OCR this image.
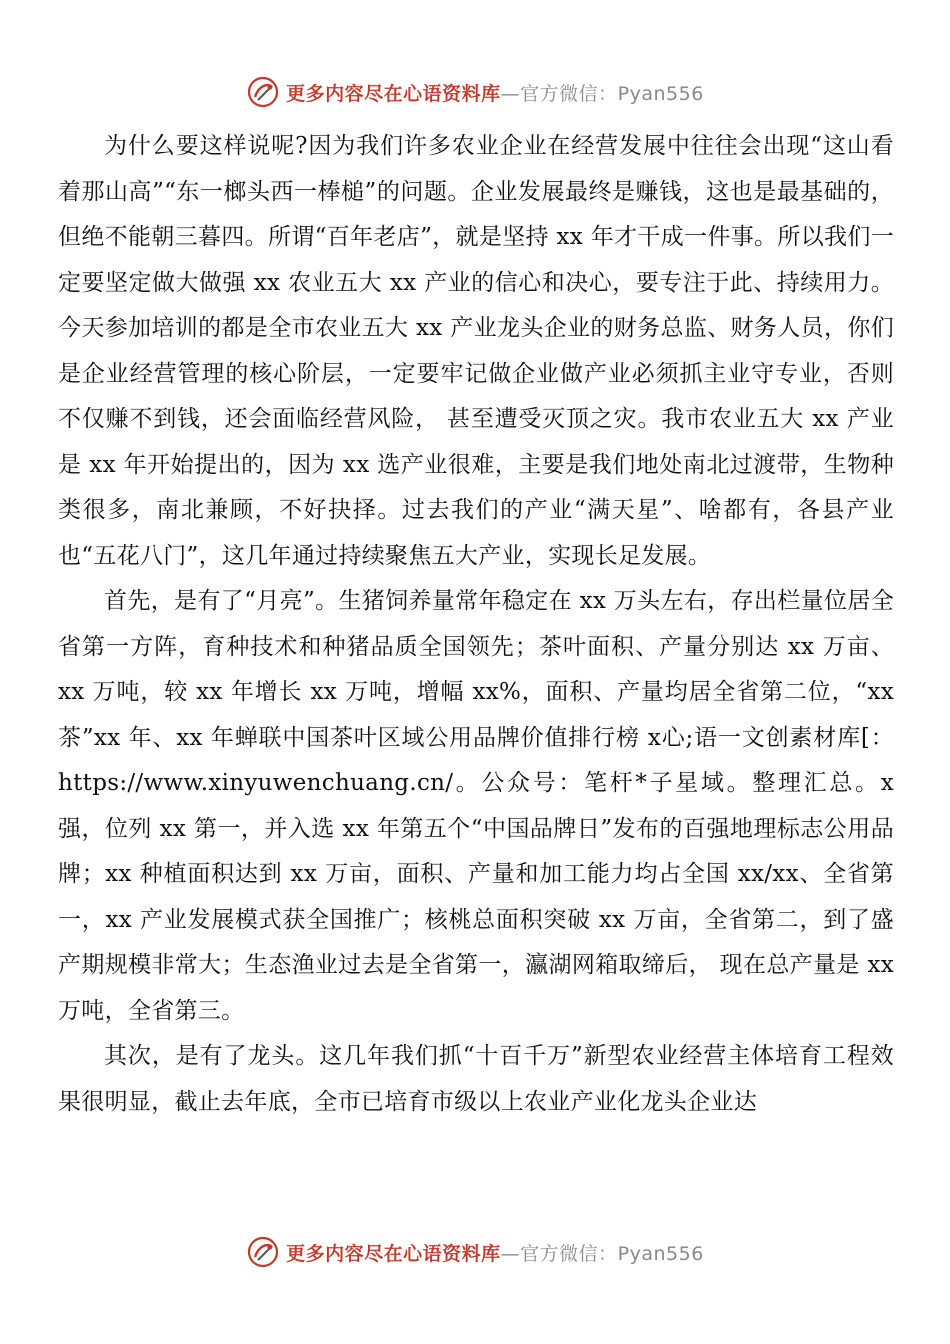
更多内容尽在心语资料库—官方微信：Pyan556

为什么要这样说呢?因为我们许多农业企业在经营发展中往往会出现“这山看着那山高”“东一榔头西一棒槌”的问题。企业发展最终是赚钱，这也是最基础的，但绝不能朝三暮四。所谓“百年老店”，就是坚持 xx 年才干成一件事。所以我们一定要坚定做大做强 xx 农业五大 xx 产业的信心和决心，要专注于此、持续用力。今天参加培训的都是全市农业五大 xx 产业龙头企业的财务总监、财务人员，你们是企业经营管理的核心阶层，一定要牢记做企业做产业必须抓主业守专业，否则不仅赚不到钱，还会面临经营风险， 甚至遭受灭顶之灾。我市农业五大 xx 产业是 xx 年开始提出的，因为 xx 选产业很难，主要是我们地处南北过渡带，生物种类很多，南北兼顾，不好抉择。过去我们的产业“满天星”、啥都有，各县产业也“五花八门”，这几年通过持续聚焦五大产业，实现长足发展。

首先，是有了“月亮”。生猪饲养量常年稳定在 xx 万头左右，存出栏量位居全省第一方阵，育种技术和种猪品质全国领先；茶叶面积、产量分别达 xx 万亩、xx 万吨，较 xx 年增长 xx 万吨，增幅 xx%，面积、产量均居全省第二位，“xx 茶”xx 年、xx 年蝉联中国茶叶区域公用品牌价值排行榜 x心;语一文创素材库[：https://www.xinyuwenchuang.cn/。公众号：笔杆*子星域。整理汇总。x 强，位列 xx 第一，并入选 xx 年第五个“中国品牌日”发布的百强地理标志公用品牌；xx 种植面积达到 xx 万亩，面积、产量和加工能力均占全国 xx/xx、全省第一，xx 产业发展模式获全国推广；核桃总面积突破 xx 万亩，全省第二，到了盛产期规模非常大；生态渔业过去是全省第一，瀛湖网箱取缔后， 现在总产量是 xx 万吨，全省第三。

其次，是有了龙头。这几年我们抓“十百千万”新型农业经营主体培育工程效果很明显，截止去年底，全市已培育市级以上农业产业化龙头企业达

更多内容尽在心语资料库—官方微信：Pyan556
